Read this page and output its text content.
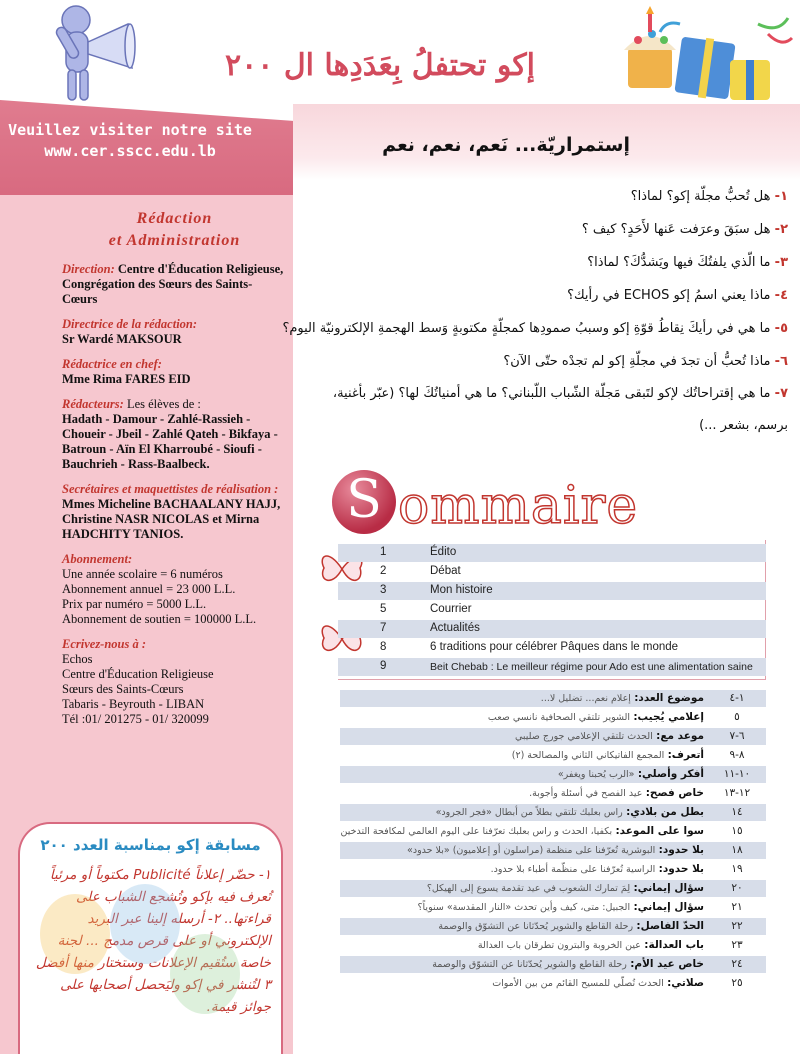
Veuillez visiter notre site
www.cer.sscc.edu.lb
Rédaction
et Administration
Direction: Centre d'Éducation Religieuse, Congrégation des Sœurs des Saints-Cœurs
Directrice de la rédaction:
Sr Wardé MAKSOUR
Rédactrice en chef:
Mme Rima FARES EID
Rédacteurs: Les élèves de :
Hadath - Damour - Zahlé-Rassieh - Choueir - Jbeil - Zahlé Qateh - Bikfaya - Batroun - Aïn El Kharroubé - Sioufi - Bauchrieh - Rass-Baalbeck.
Secrétaires et maquettistes de réalisation :
Mmes Micheline BACHAALANY HAJJ, Christine NASR NICOLAS et Mirna HADCHITY TANIOS.
Abonnement:
Une année scolaire = 6 numéros
Abonnement annuel = 23 000 L.L.
Prix par numéro = 5000 L.L.
Abonnement de soutien = 100000 L.L.
Ecrivez-nous à :
Echos
Centre d'Éducation Religieuse
Sœurs des Saints-Cœurs
Tabaris - Beyrouth - LIBAN
Tél :01/ 201275 - 01/ 320099
مسابقة إكو بمناسبة العدد ٢٠٠
١- حضّر إعلاناً Publicité مكتوباً أو مرئياً تُعرف فيه بإكو وتُشجع الشباب على قراءتها.. ٢- أرسله إلينا عبر البريد الإلكتروني أو على قرص مدمج ... لجنة خاصة ستُقيم الإعلانات وستختار منها أفضل ٣ لتُنشر في إكو وليَحصل أصحابها على جوائز قيمة.
إكو تحتفلُ بِعَدَدِها ال ٢٠٠
إستمراريّة... نَعم، نعم، نعم
١- هل تُحبُّ مجلّة إكو؟ لماذا؟
٢- هل سبَقَ وعرَفت عَنها لأَحَدٍ؟ كيف ؟
٣- ما الّذي يلفتُكَ فيها ويَشدُّكَ؟ لماذا؟
٤- ماذا يعني اسمُ إكو ECHOS في رأيك؟
٥- ما هي في رأيكَ نِقاطُ قوّةِ إكو وسببُ صمودِها كمجلّةٍ مكتوبةٍ وَسط الهجمةِ الإلكترونيّة اليوم؟
٦- ماذا تُحبُّ أن تجدَ في مجلّةِ إكو لم تجدْه حتّى الآن؟
٧- ما هي إقتراحاتُك لإكو لتَبقى مَجلّة الشّباب اللّبناني؟ ما هي أمنياتُكَ لها؟ (عبّر بأغنية، برسم، بشعر ...)
S ommaire
1	Édito
2	Débat
3	Mon histoire
5	Courrier
7	Actualités
8	6 traditions pour célébrer Pâques dans le monde
9	Beit Chebab : Le meilleur régime pour Ado est une alimentation saine
موضوع العدد: إعلام نعم... تضليل لا...	١-٤
إعلامي يُجيب: الشوير تلتقي الصحافية نانسي صعب	٥
موعد مع: الحدث تلتقي الإعلامي جورج صليبي	٦-٧
أتعرف: المجمع الفاتيكاني الثاني والمصالحة (٢)	٨-٩
أفكر وأصلي: «الرب يُحبنا ويغفر»	١٠-١١
خاص فصح: عيد الفصح في أسئلة وأجوبة.	١٢-١٣
بطل من بلادي: راس بعلبك تلتقي بطلاً من أبطال «فجر الجرود»	١٤
سوا على الموعد: بكفيا، الحدث و راس بعلبك تعرّفنا على اليوم العالمي لمكافحة التدخين	١٥
بلا حدود: البوشرية تُعرّفنا على منظمة (مراسلون أو إعلاميون) «بلا حدود»	١٨
بلا حدود: الراسية تُعرّفنا على منظّمة أطباء بلا حدود.	١٩
سؤال إيماني: لِمَ تمارك الشعوب في عيد تقدمة يسوع إلى الهيكل؟	٢٠
سؤال إيماني: الجبيل: متى، كيف وأين تحدث «النار المقدسة» سنوياً؟	٢١
الحدّ الفاصل: رحلة القاطع والشوير يُحدّثانا عن التشوّق والوصمة	٢٢
باب العدالة: عين الخروبة والبترون تطرقان باب العدالة	٢٣
خاص عيد الأم: رحلة القاطع والشوير يُحدّثانا عن التشوّق والوصمة	٢٤
صلاتي: الحدث تُصلّي للمسيح القائم من بين الأموات	٢٥
